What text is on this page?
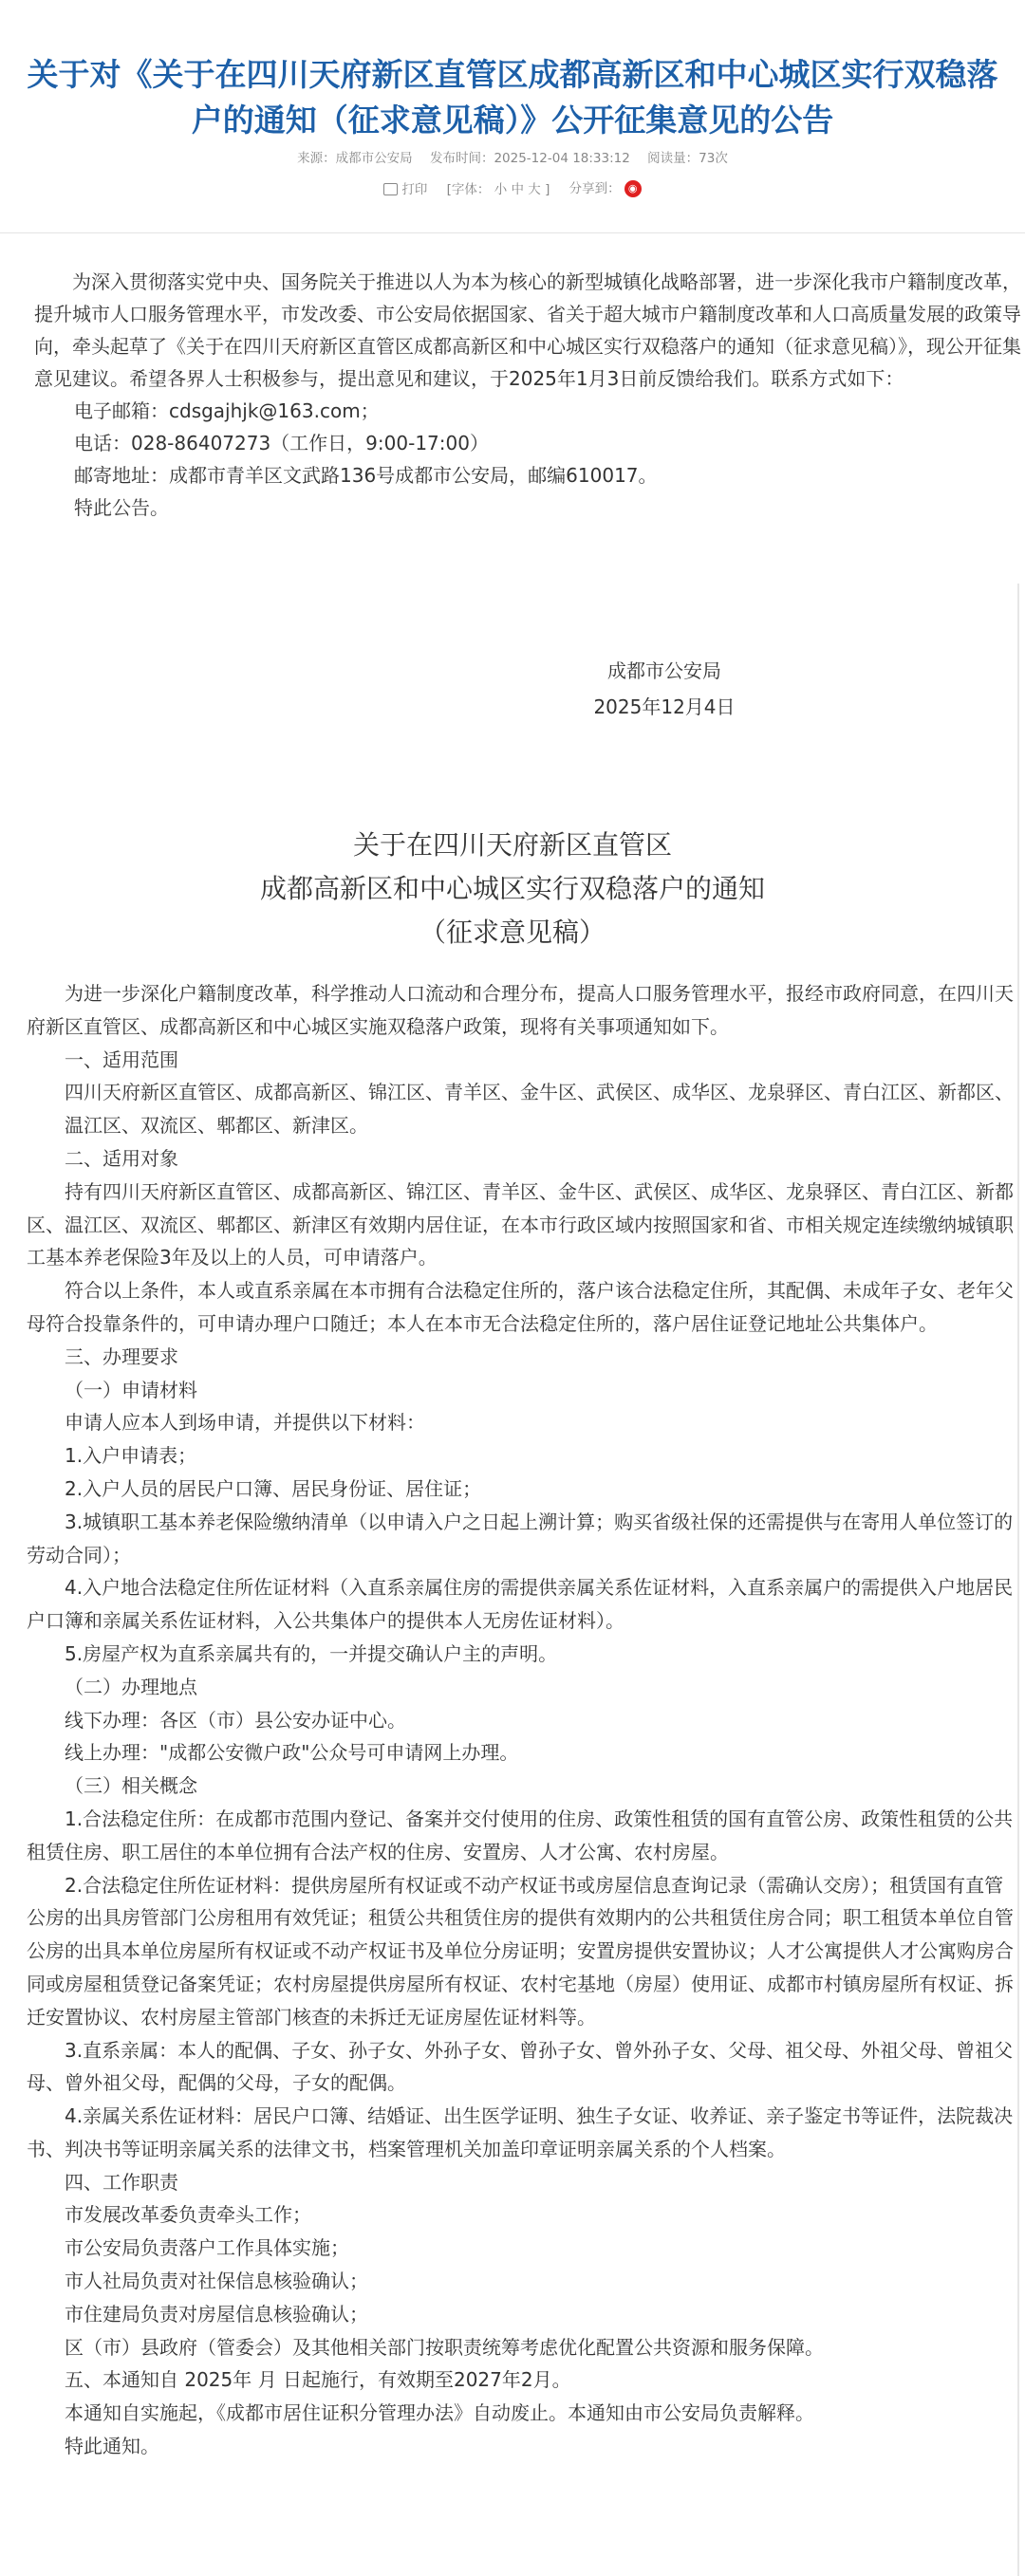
关于对《关于在四川天府新区直管区成都高新区和中心城区实行双稳落户的通知（征求意见稿）》公开征集意见的公告
来源：成都市公安局 发布时间：2025-12-04 18:33:12 阅读量：73次
打印 [字体： 小 中 大 ] 分享到： ◉

为深入贯彻落实党中央、国务院关于推进以人为本为核心的新型城镇化战略部署，进一步深化我市户籍制度改革，提升城市人口服务管理水平，市发改委、市公安局依据国家、省关于超大城市户籍制度改革和人口高质量发展的政策导向，牵头起草了《关于在四川天府新区直管区成都高新区和中心城区实行双稳落户的通知（征求意见稿）》，现公开征集意见建议。希望各界人士积极参与，提出意见和建议，于2025年1月3日前反馈给我们。联系方式如下：

电子邮箱：cdsgajhjk@163.com；

电话：028-86407273（工作日，9:00-17:00）

邮寄地址：成都市青羊区文武路136号成都市公安局，邮编610017。

特此公告。

成都市公安局
2025年12月4日
关于在四川天府新区直管区
成都高新区和中心城区实行双稳落户的通知
（征求意见稿）

为进一步深化户籍制度改革，科学推动人口流动和合理分布，提高人口服务管理水平，报经市政府同意，在四川天府新区直管区、成都高新区和中心城区实施双稳落户政策，现将有关事项通知如下。

一、适用范围

四川天府新区直管区、成都高新区、锦江区、青羊区、金牛区、武侯区、成华区、龙泉驿区、青白江区、新都区、温江区、双流区、郫都区、新津区。

二、适用对象

持有四川天府新区直管区、成都高新区、锦江区、青羊区、金牛区、武侯区、成华区、龙泉驿区、青白江区、新都区、温江区、双流区、郫都区、新津区有效期内居住证，在本市行政区域内按照国家和省、市相关规定连续缴纳城镇职工基本养老保险3年及以上的人员，可申请落户。

符合以上条件，本人或直系亲属在本市拥有合法稳定住所的，落户该合法稳定住所，其配偶、未成年子女、老年父母符合投靠条件的，可申请办理户口随迁；本人在本市无合法稳定住所的，落户居住证登记地址公共集体户。

三、办理要求

（一）申请材料

申请人应本人到场申请，并提供以下材料：

1.入户申请表；

2.入户人员的居民户口簿、居民身份证、居住证；

3.城镇职工基本养老保险缴纳清单（以申请入户之日起上溯计算；购买省级社保的还需提供与在寄用人单位签订的劳动合同）；

4.入户地合法稳定住所佐证材料（入直系亲属住房的需提供亲属关系佐证材料，入直系亲属户的需提供入户地居民户口簿和亲属关系佐证材料，入公共集体户的提供本人无房佐证材料）。

5.房屋产权为直系亲属共有的，一并提交确认户主的声明。

（二）办理地点

线下办理：各区（市）县公安办证中心。

线上办理："成都公安微户政"公众号可申请网上办理。

（三）相关概念

1.合法稳定住所：在成都市范围内登记、备案并交付使用的住房、政策性租赁的国有直管公房、政策性租赁的公共租赁住房、职工居住的本单位拥有合法产权的住房、安置房、人才公寓、农村房屋。

2.合法稳定住所佐证材料：提供房屋所有权证或不动产权证书或房屋信息查询记录（需确认交房）；租赁国有直管公房的出具房管部门公房租用有效凭证；租赁公共租赁住房的提供有效期内的公共租赁住房合同；职工租赁本单位自管公房的出具本单位房屋所有权证或不动产权证书及单位分房证明；安置房提供安置协议；人才公寓提供人才公寓购房合同或房屋租赁登记备案凭证；农村房屋提供房屋所有权证、农村宅基地（房屋）使用证、成都市村镇房屋所有权证、拆迁安置协议、农村房屋主管部门核查的未拆迁无证房屋佐证材料等。

3.直系亲属：本人的配偶、子女、孙子女、外孙子女、曾孙子女、曾外孙子女、父母、祖父母、外祖父母、曾祖父母、曾外祖父母，配偶的父母，子女的配偶。

4.亲属关系佐证材料：居民户口簿、结婚证、出生医学证明、独生子女证、收养证、亲子鉴定书等证件，法院裁决书、判决书等证明亲属关系的法律文书，档案管理机关加盖印章证明亲属关系的个人档案。

四、工作职责

市发展改革委负责牵头工作；

市公安局负责落户工作具体实施；

市人社局负责对社保信息核验确认；

市住建局负责对房屋信息核验确认；

区（市）县政府（管委会）及其他相关部门按职责统筹考虑优化配置公共资源和服务保障。

五、本通知自 2025年 月 日起施行，有效期至2027年2月。

本通知自实施起，《成都市居住证积分管理办法》自动废止。本通知由市公安局负责解释。

特此通知。
